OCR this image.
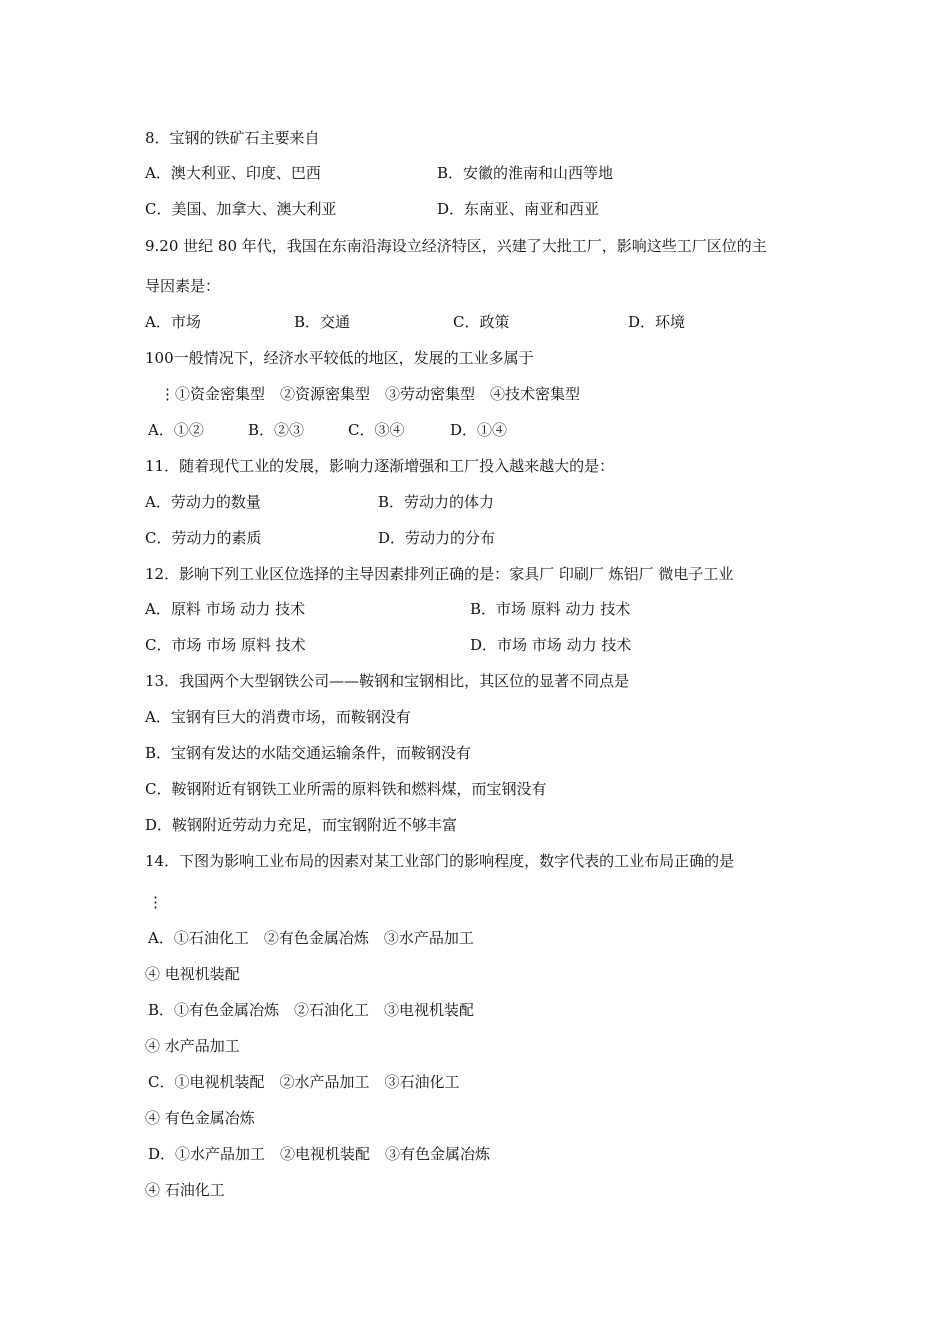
8．宝钢的铁矿石主要来自
A．澳大利亚、印度、巴西	B．安徽的淮南和山西等地
C．美国、加拿大、澳大利亚	D．东南亚、南亚和西亚
9.20 世纪 80 年代，我国在东南沿海设立经济特区，兴建了大批工厂，影响这些工厂区位的主
导因素是：
A．市场	B．交通	C．政策	D．环境
100一般情况下，经济水平较低的地区，发展的工业多属于
⋮①资金密集型　②资源密集型　③劳动密集型　④技术密集型
A．①②	B．②③	C．③④	D．①④
11．随着现代工业的发展，影响力逐渐增强和工厂投入越来越大的是：
A．劳动力的数量	B．劳动力的体力
C．劳动力的素质	D．劳动力的分布
12．影响下列工业区位选择的主导因素排列正确的是：家具厂 印刷厂 炼铝厂 微电子工业
A．原料 市场 动力 技术	B．市场 原料 动力 技术
C．市场 市场 原料 技术	D．市场 市场 动力 技术
13．我国两个大型钢铁公司——鞍钢和宝钢相比，其区位的显著不同点是
A．宝钢有巨大的消费市场，而鞍钢没有
B．宝钢有发达的水陆交通运输条件，而鞍钢没有
C．鞍钢附近有钢铁工业所需的原料铁和燃料煤，而宝钢没有
D．鞍钢附近劳动力充足，而宝钢附近不够丰富
14．下图为影响工业布局的因素对某工业部门的影响程度，数字代表的工业布局正确的是
⋮
A．①石油化工　②有色金属冶炼　③水产品加工
④ 电视机装配
B．①有色金属冶炼　②石油化工　③电视机装配
④ 水产品加工
C．①电视机装配　②水产品加工　③石油化工
④ 有色金属冶炼
D．①水产品加工　②电视机装配　③有色金属冶炼
④ 石油化工
